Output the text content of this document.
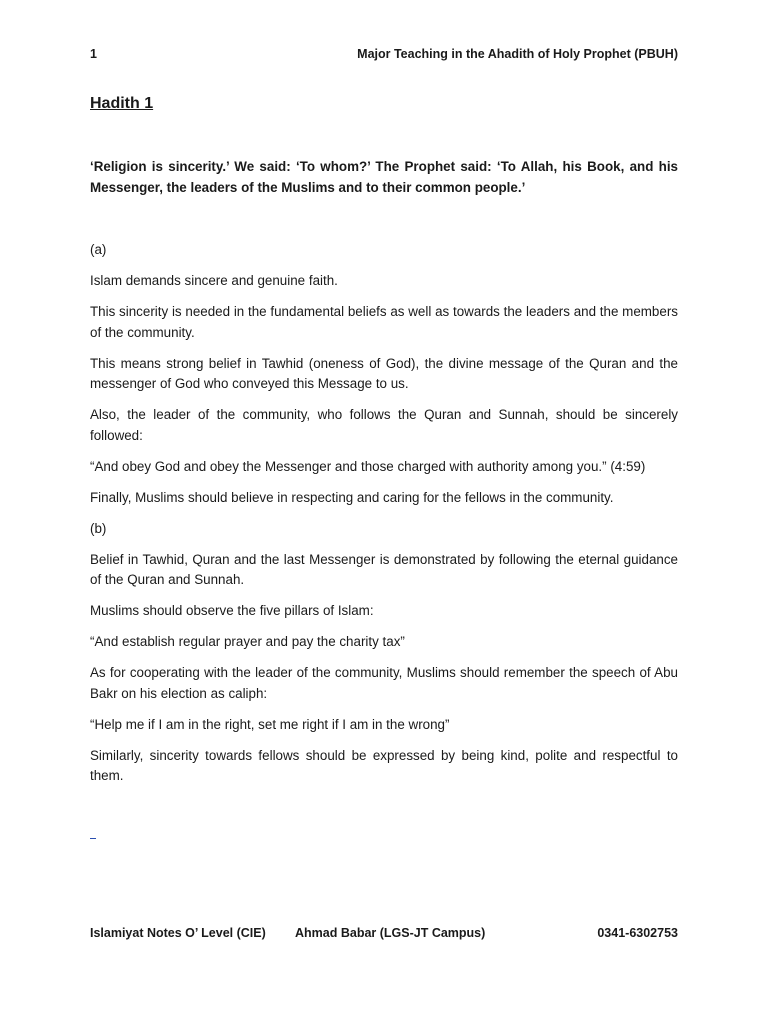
1	Major Teaching in the Ahadith of Holy Prophet (PBUH)
Hadith 1
‘Religion is sincerity.’ We said: ‘To whom?’ The Prophet said: ‘To Allah, his Book, and his Messenger, the leaders of the Muslims and to their common people.’

(a)

Islam demands sincere and genuine faith.

This sincerity is needed in the fundamental beliefs as well as towards the leaders and the members of the community.

This means strong belief in Tawhid (oneness of God), the divine message of the Quran and the messenger of God who conveyed this Message to us.

Also, the leader of the community, who follows the Quran and Sunnah, should be sincerely followed:

“And obey God and obey the Messenger and those charged with authority among you.” (4:59)

Finally, Muslims should believe in respecting and caring for the fellows in the community.

(b)

Belief in Tawhid, Quran and the last Messenger is demonstrated by following the eternal guidance of the Quran and Sunnah.

Muslims should observe the five pillars of Islam:

“And establish regular prayer and pay the charity tax”

As for cooperating with the leader of the community, Muslims should remember the speech of Abu Bakr on his election as caliph:

“Help me if I am in the right, set me right if I am in the wrong”

Similarly, sincerity towards fellows should be expressed by being kind, polite and respectful to them.

Islamiyat Notes O’ Level (CIE) Ahmad Babar (LGS-JT Campus)	0341-6302753
